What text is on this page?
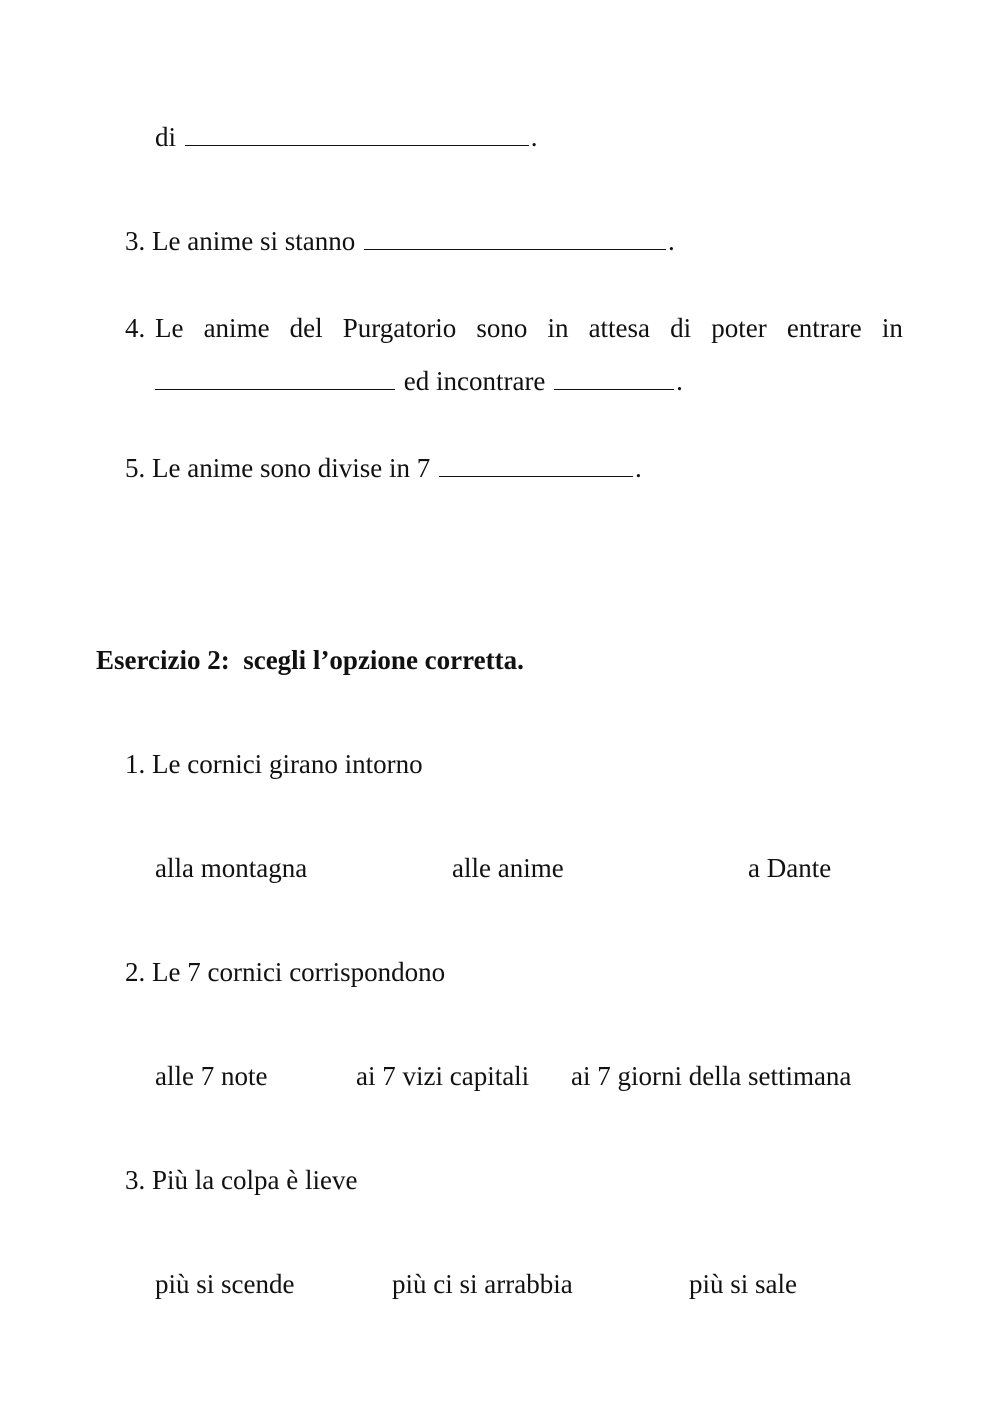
di	.
3. Le anime si stanno	.
4. Le anime del Purgatorio sono in attesa di poter entrare in
ed incontrare	.
5. Le anime sono divise in 7	.
Esercizio 2:  scegli l’opzione corretta.
1. Le cornici girano intorno
alla montagna	alle anime	a Dante
2. Le 7 cornici corrispondono
alle 7 note	ai 7 vizi capitali ai 7 giorni della settimana
3. Più la colpa è lieve
più si scende	più ci si arrabbia	più si sale
